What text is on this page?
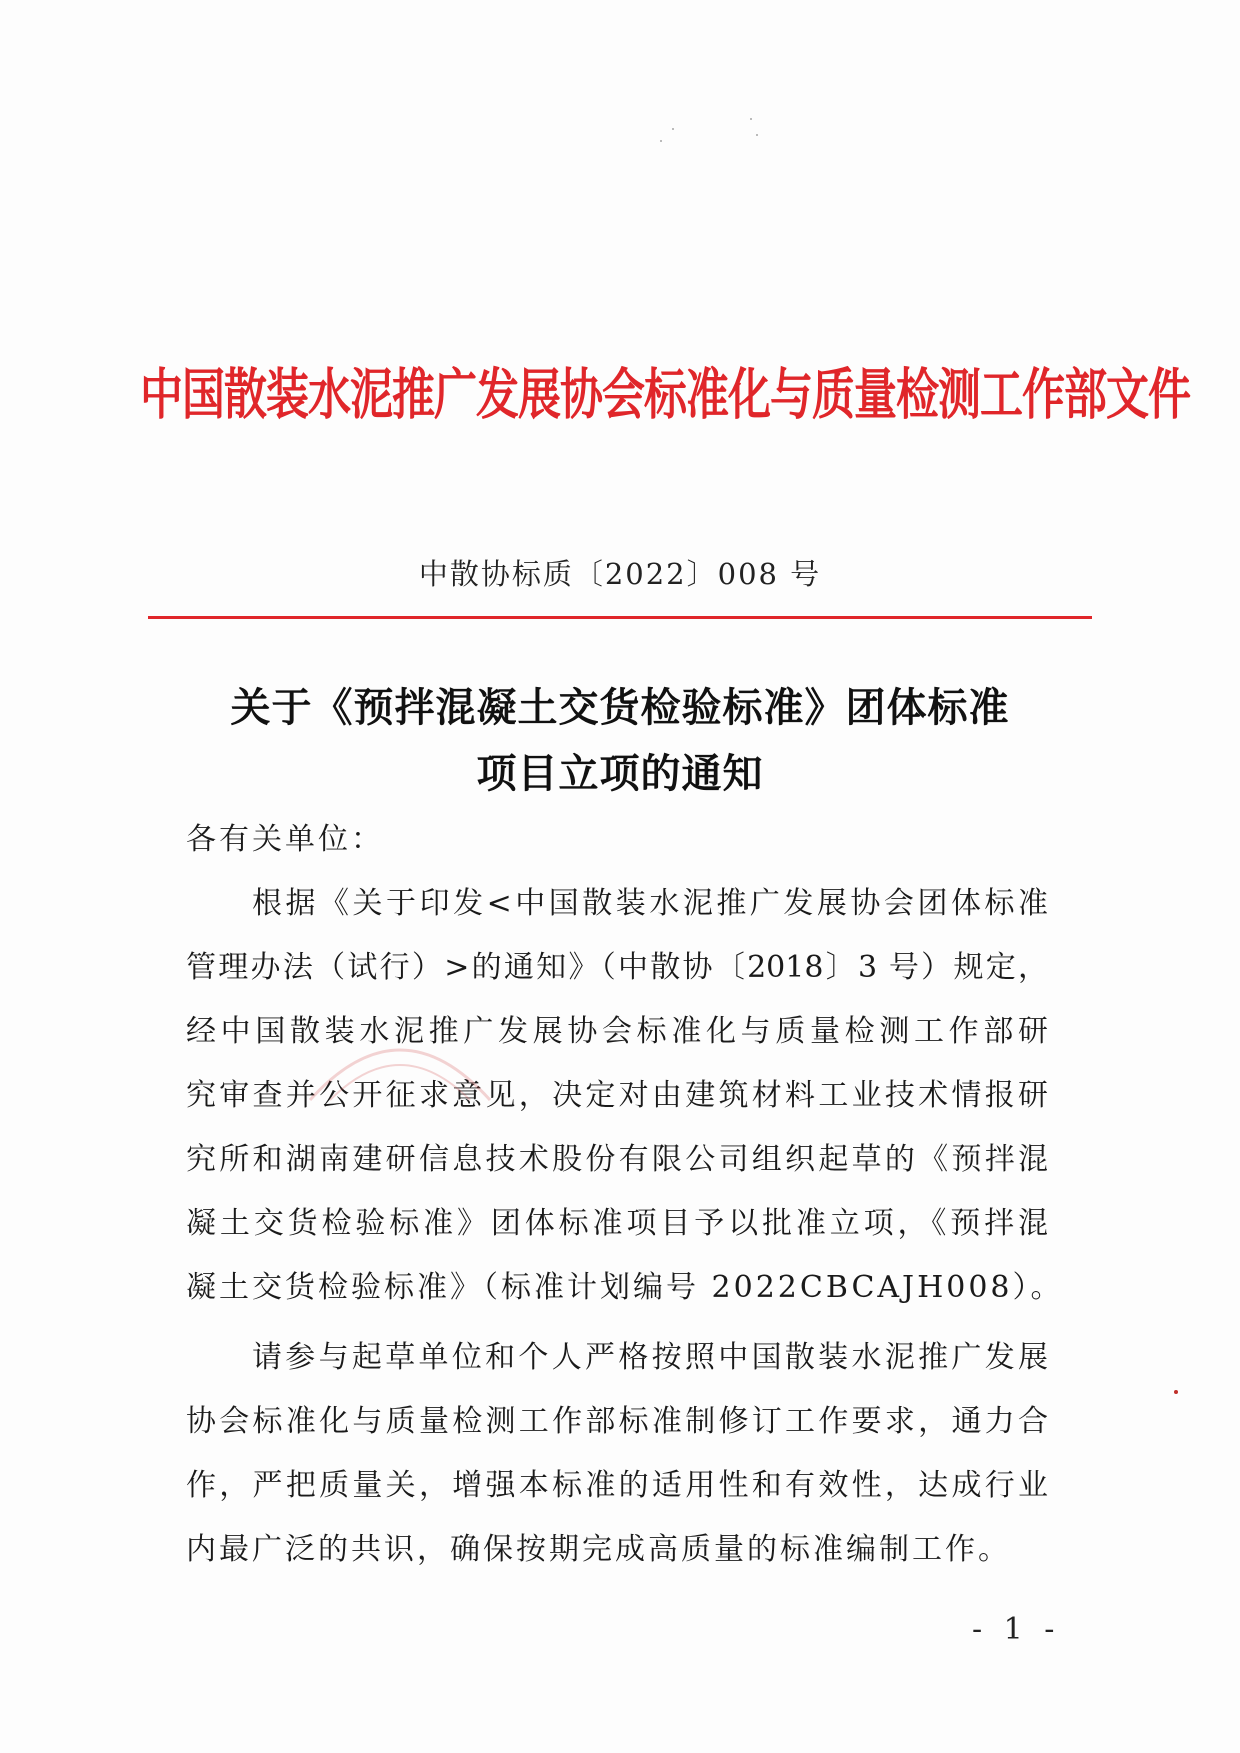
中国散装水泥推广发展协会标准化与质量检测工作部文件
中散协标质〔2022〕008 号
关于《预拌混凝土交货检验标准》团体标准
项目立项的通知
各有关单位：
根据《关于印发<中国散装水泥推广发展协会团体标准
管理办法（试行）>的通知》（中散协〔2018〕3 号）规定，
经中国散装水泥推广发展协会标准化与质量检测工作部研
究审查并公开征求意见，决定对由建筑材料工业技术情报研
究所和湖南建研信息技术股份有限公司组织起草的《预拌混
凝土交货检验标准》团体标准项目予以批准立项，《预拌混
凝土交货检验标准》（标准计划编号 2022CBCAJH008）。
请参与起草单位和个人严格按照中国散装水泥推广发展
协会标准化与质量检测工作部标准制修订工作要求，通力合
作，严把质量关，增强本标准的适用性和有效性，达成行业
内最广泛的共识，确保按期完成高质量的标准编制工作。
- 1 -
